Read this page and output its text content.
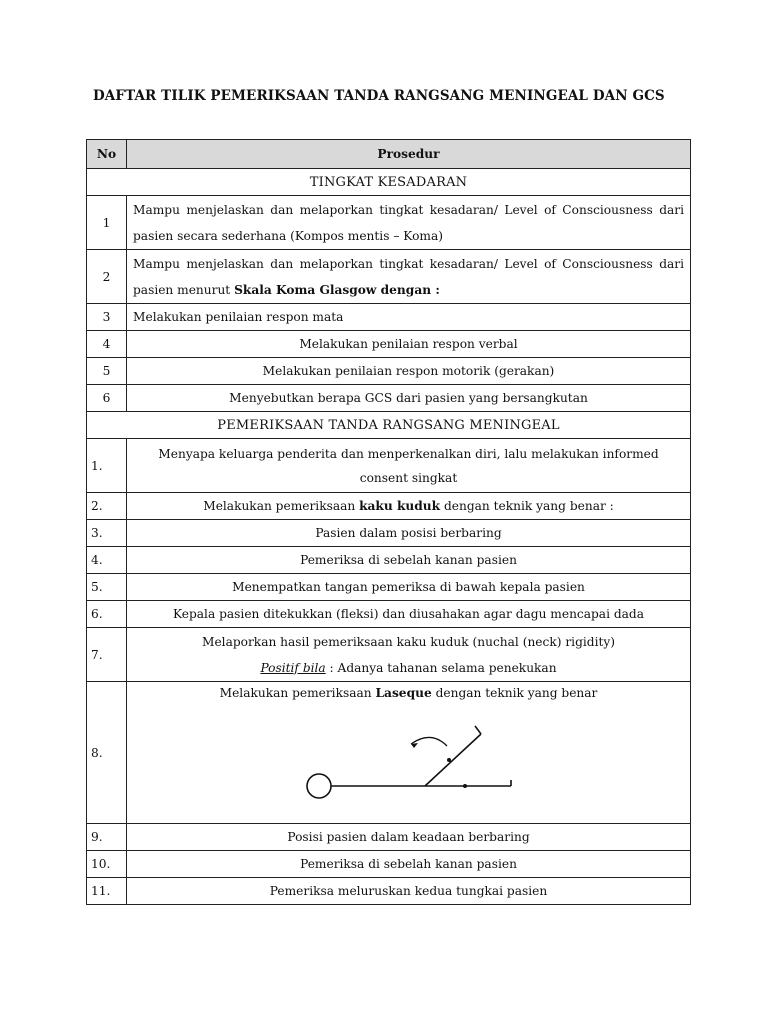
DAFTAR TILIK PEMERIKSAAN TANDA RANGSANG MENINGEAL DAN GCS
No	Prosedur
TINGKAT KESADARAN	
1	Mampu menjelaskan dan melaporkan tingkat kesadaran/ Level of Consciousness dari pasien secara sederhana (Kompos mentis – Koma)
2	Mampu menjelaskan dan melaporkan tingkat kesadaran/ Level of Consciousness dari pasien menurut Skala Koma Glasgow dengan :
3	Melakukan penilaian respon mata
4	Melakukan penilaian respon verbal
5	Melakukan penilaian respon motorik (gerakan)
6	Menyebutkan berapa GCS dari pasien yang bersangkutan
PEMERIKSAAN TANDA RANGSANG MENINGEAL	
1.	Menyapa keluarga penderita dan menperkenalkan diri, lalu melakukan informed consent singkat
2.	Melakukan pemeriksaan kaku kuduk dengan teknik yang benar :
3.	Pasien dalam posisi berbaring
4.	Pemeriksa di sebelah kanan pasien
5.	Menempatkan tangan pemeriksa di bawah kepala pasien
6.	Kepala pasien ditekukkan (fleksi) dan diusahakan agar dagu mencapai dada
7.	Melaporkan hasil pemeriksaan kaku kuduk (nuchal (neck) rigidity)
Positif bila : Adanya tahanan selama penekukan

8.	Melakukan pemeriksaan Laseque dengan teknik yang benar

9.	Posisi pasien dalam keadaan berbaring
10.	Pemeriksa di sebelah kanan pasien
11.	Pemeriksa meluruskan kedua tungkai pasien
